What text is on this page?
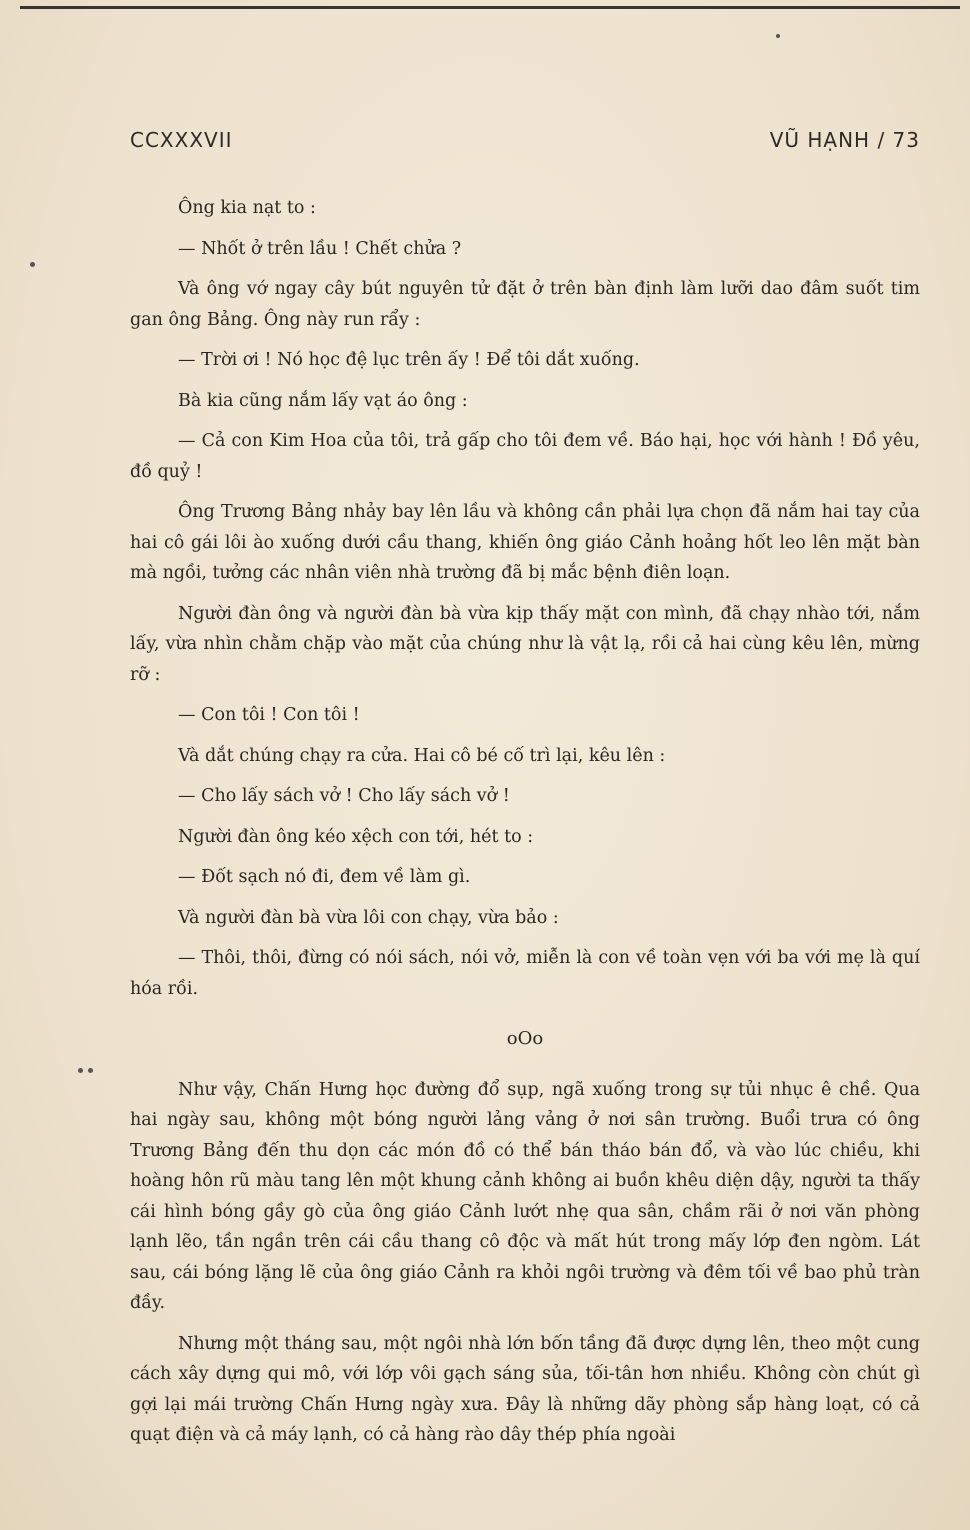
CCXXXVII	VŨ HẠNH / 73

Ông kia nạt to :

— Nhốt ở trên lầu ! Chết chửa ?

Và ông vớ ngay cây bút nguyên tử đặt ở trên bàn định làm lưỡi dao đâm suốt tim gan ông Bảng. Ông này run rẩy :

— Trời ơi ! Nó học đệ lục trên ấy ! Để tôi dắt xuống.

Bà kia cũng nắm lấy vạt áo ông :

— Cả con Kim Hoa của tôi, trả gấp cho tôi đem về. Báo hại, học với hành ! Đồ yêu, đồ quỷ !

Ông Trương Bảng nhảy bay lên lầu và không cần phải lựa chọn đã nắm hai tay của hai cô gái lôi ào xuống dưới cầu thang, khiến ông giáo Cảnh hoảng hốt leo lên mặt bàn mà ngồi, tưởng các nhân viên nhà trường đã bị mắc bệnh điên loạn.

Người đàn ông và người đàn bà vừa kịp thấy mặt con mình, đã chạy nhào tới, nắm lấy, vừa nhìn chằm chặp vào mặt của chúng như là vật lạ, rồi cả hai cùng kêu lên, mừng rỡ :

— Con tôi ! Con tôi !

Và dắt chúng chạy ra cửa. Hai cô bé cố trì lại, kêu lên :

— Cho lấy sách vở ! Cho lấy sách vở !

Người đàn ông kéo xệch con tới, hét to :

— Đốt sạch nó đi, đem về làm gì.

Và người đàn bà vừa lôi con chạy, vừa bảo :

— Thôi, thôi, đừng có nói sách, nói vở, miễn là con về toàn vẹn với ba với mẹ là quí hóa rồi.

oOo

Như vậy, Chấn Hưng học đường đổ sụp, ngã xuống trong sự tủi nhục ê chề. Qua hai ngày sau, không một bóng người lảng vảng ở nơi sân trường. Buổi trưa có ông Trương Bảng đến thu dọn các món đồ có thể bán tháo bán đổ, và vào lúc chiều, khi hoàng hôn rũ màu tang lên một khung cảnh không ai buồn khêu diện dậy, người ta thấy cái hình bóng gầy gò của ông giáo Cảnh lướt nhẹ qua sân, chầm rãi ở nơi văn phòng lạnh lẽo, tần ngần trên cái cầu thang cô độc và mất hút trong mấy lớp đen ngòm. Lát sau, cái bóng lặng lẽ của ông giáo Cảnh ra khỏi ngôi trường và đêm tối về bao phủ tràn đầy.

Nhưng một tháng sau, một ngôi nhà lớn bốn tầng đã được dựng lên, theo một cung cách xây dựng qui mô, với lớp vôi gạch sáng sủa, tối-tân hơn nhiều. Không còn chút gì gợi lại mái trường Chấn Hưng ngày xưa. Đây là những dãy phòng sắp hàng loạt, có cả quạt điện và cả máy lạnh, có cả hàng rào dây thép phía ngoài
